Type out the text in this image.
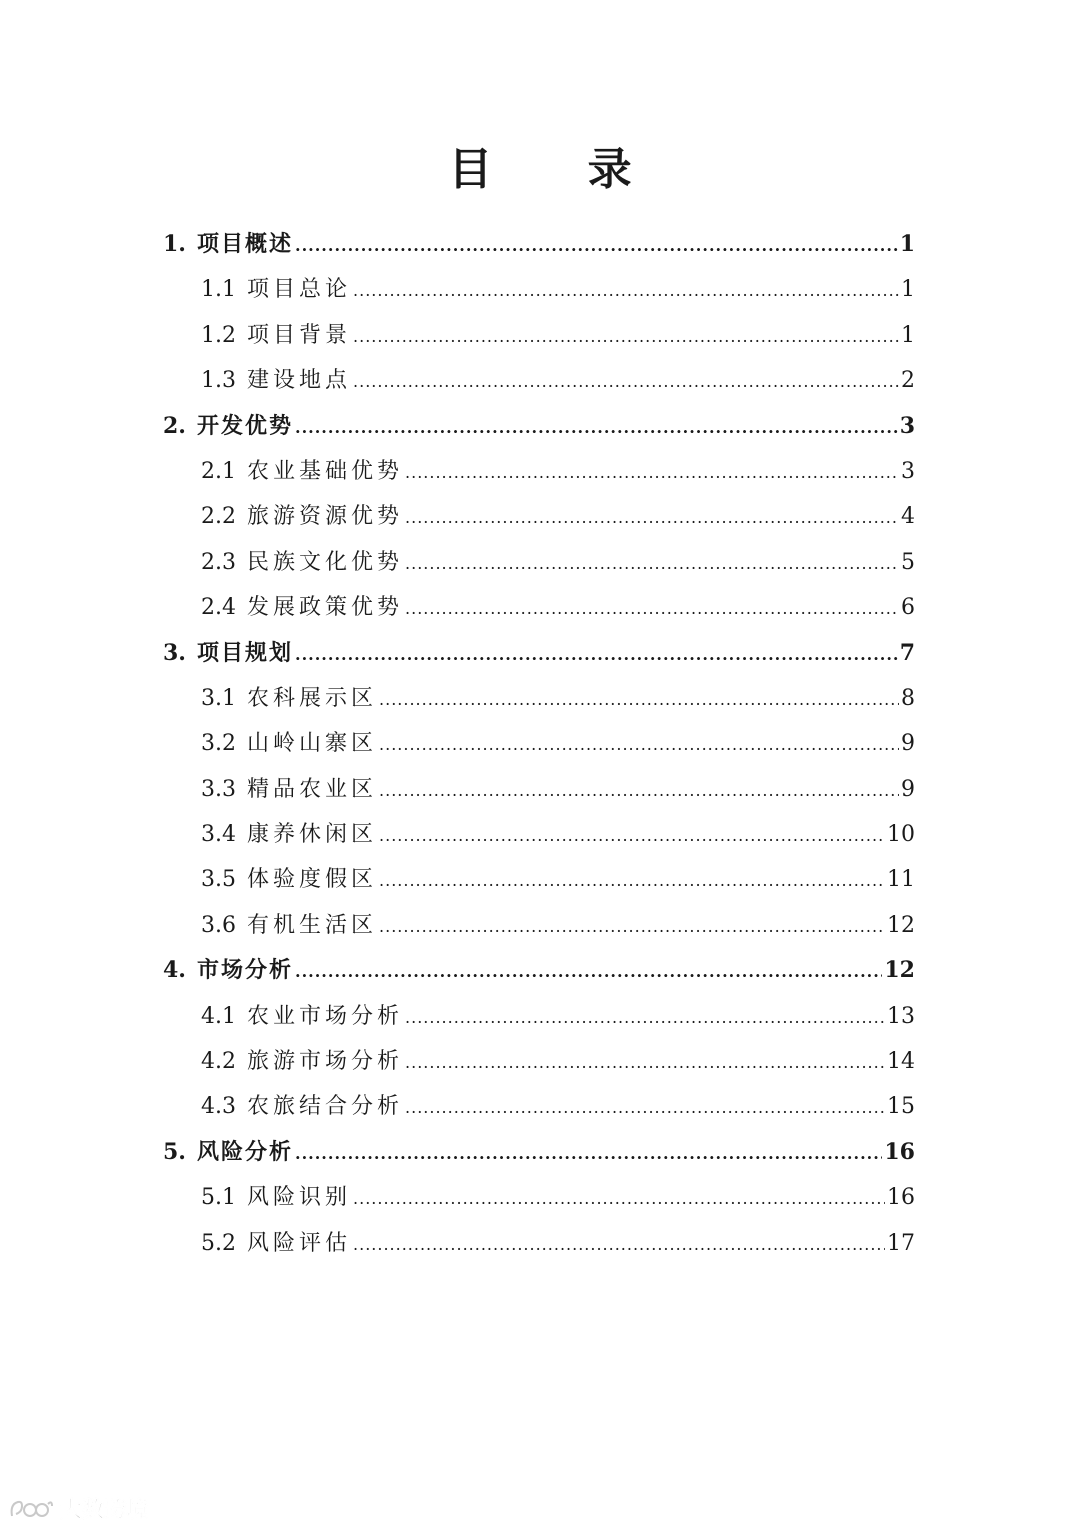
目 录
1. 项目概述 .....	1
1.1 项目总论 .....	1
1.2 项目背景 .....	1
1.3 建设地点 .....	2
2. 开发优势 .....	3
2.1 农业基础优势 .....	3
2.2 旅游资源优势 .....	4
2.3 民族文化优势 .....	5
2.4 发展政策优势 .....	6
3. 项目规划 .....	7
3.1 农科展示区 .....	8
3.2 山岭山寨区 .....	9
3.3 精品农业区 .....	9
3.4 康养休闲区 .....	10
3.5 体验度假区 .....	11
3.6 有机生活区 .....	12
4. 市场分析 .....	12
4.1 农业市场分析 .....	13
4.2 旅游市场分析 .....	14
4.3 农旅结合分析 .....	15
5. 风险分析 .....	16
5.1 风险识别 .....	16
5.2 风险评估 .....	17
大数跨境
